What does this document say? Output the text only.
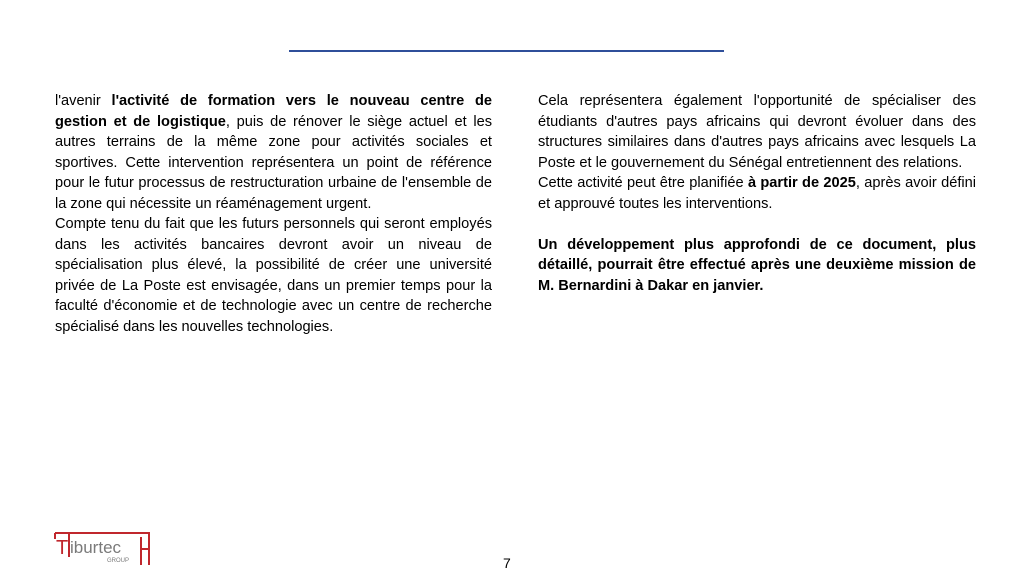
l'avenir l'activité de formation vers le nouveau centre de gestion et de logistique, puis de rénover le siège actuel et les autres terrains de la même zone pour activités sociales et sportives. Cette intervention représentera un point de référence pour le futur processus de restructuration urbaine de l'ensemble de la zone qui nécessite un réaménagement urgent.

Compte tenu du fait que les futurs personnels qui seront employés dans les activités bancaires devront avoir un niveau de spécialisation plus élevé, la possibilité de créer une université privée de La Poste est envisagée, dans un premier temps pour la faculté d'économie et de technologie avec un centre de recherche spécialisé dans les nouvelles technologies.

Cela représentera également l'opportunité de spécialiser des étudiants d'autres pays africains qui devront évoluer dans des structures similaires dans d'autres pays africains avec lesquels La Poste et le gouvernement du Sénégal entretiennent des relations.

Cette activité peut être planifiée à partir de 2025, après avoir défini et approuvé toutes les interventions.

Un développement plus approfondi de ce document, plus détaillé, pourrait être effectué après une deuxième mission de M. Bernardini à Dakar en janvier.

T iburtec
GROUP	7
